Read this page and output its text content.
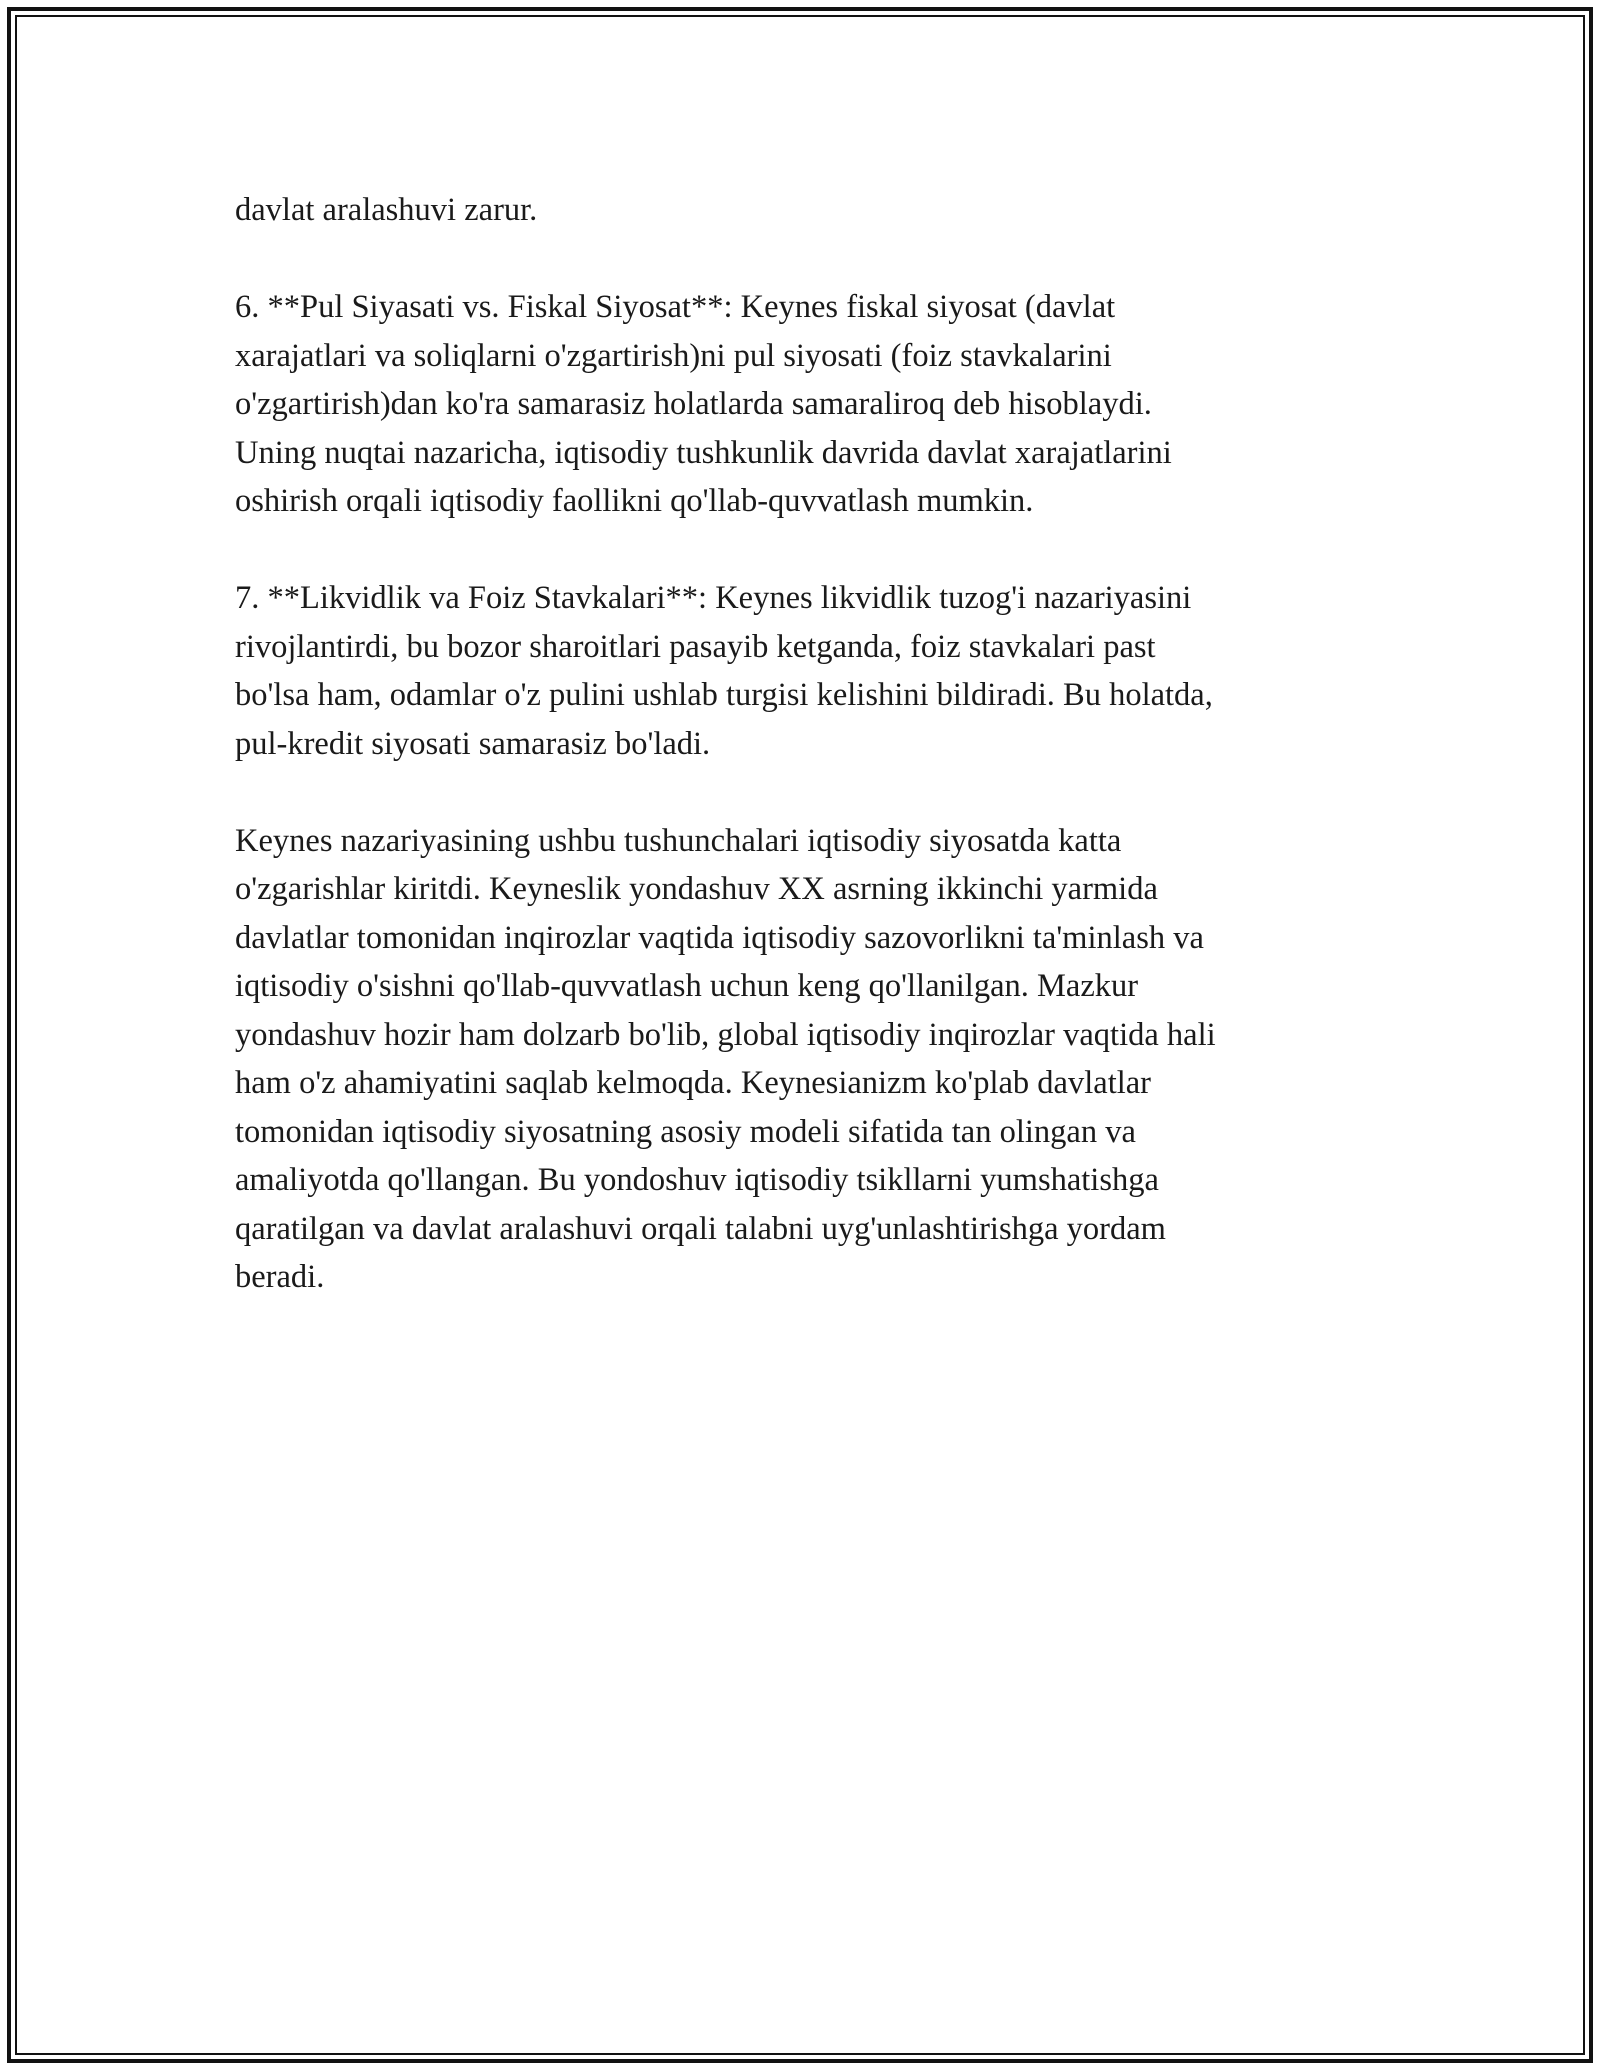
davlat aralashuvi zarur.

6. **Pul Siyasati vs. Fiskal Siyosat**: Keynes fiskal siyosat (davlat
xarajatlari va soliqlarni o'zgartirish)ni pul siyosati (foiz stavkalarini
o'zgartirish)dan ko'ra samarasiz holatlarda samaraliroq deb hisoblaydi.
Uning nuqtai nazaricha, iqtisodiy tushkunlik davrida davlat xarajatlarini
oshirish orqali iqtisodiy faollikni qo'llab-quvvatlash mumkin.

7. **Likvidlik va Foiz Stavkalari**: Keynes likvidlik tuzog'i nazariyasini
rivojlantirdi, bu bozor sharoitlari pasayib ketganda, foiz stavkalari past
bo'lsa ham, odamlar o'z pulini ushlab turgisi kelishini bildiradi. Bu holatda,
pul-kredit siyosati samarasiz bo'ladi.

Keynes nazariyasining ushbu tushunchalari iqtisodiy siyosatda katta
o'zgarishlar kiritdi. Keyneslik yondashuv XX asrning ikkinchi yarmida
davlatlar tomonidan inqirozlar vaqtida iqtisodiy sazovorlikni ta'minlash va
iqtisodiy o'sishni qo'llab-quvvatlash uchun keng qo'llanilgan. Mazkur
yondashuv hozir ham dolzarb bo'lib, global iqtisodiy inqirozlar vaqtida hali
ham o'z ahamiyatini saqlab kelmoqda. Keynesianizm ko'plab davlatlar
tomonidan iqtisodiy siyosatning asosiy modeli sifatida tan olingan va
amaliyotda qo'llangan. Bu yondoshuv iqtisodiy tsikllarni yumshatishga
qaratilgan va davlat aralashuvi orqali talabni uyg'unlashtirishga yordam
beradi.
